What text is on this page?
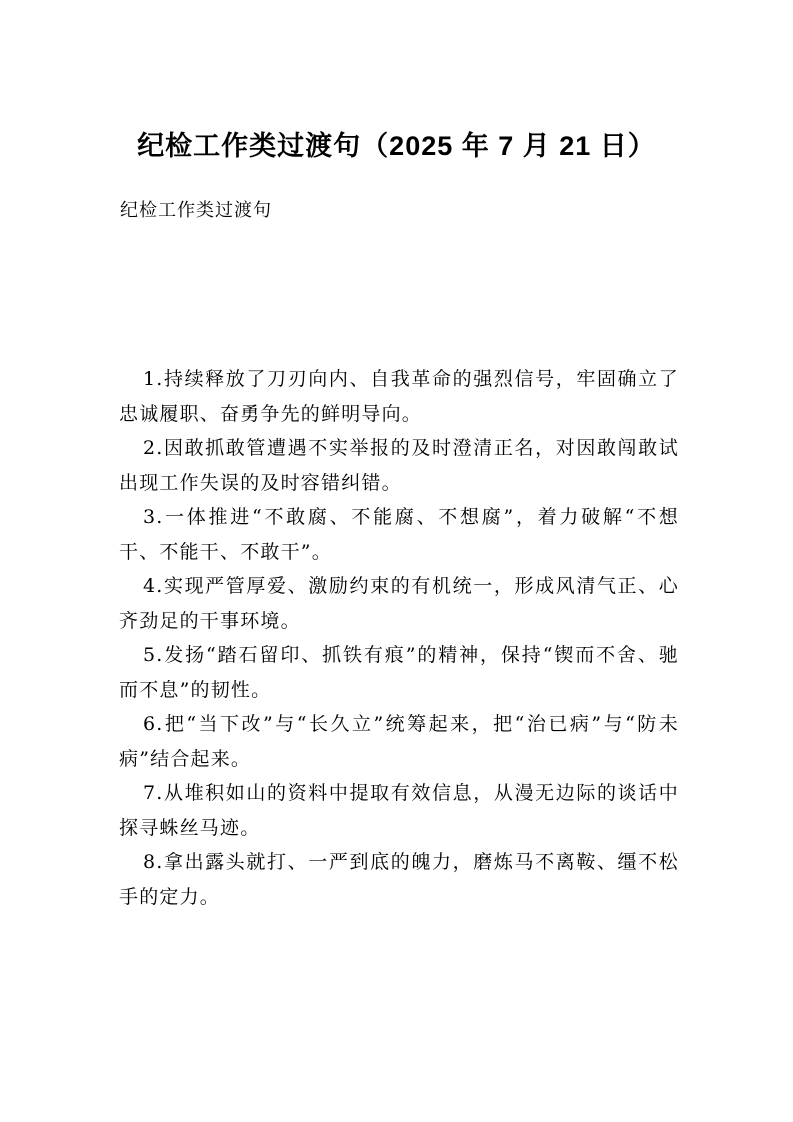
纪检工作类过渡句（2025 年 7 月 21 日）

纪检工作类过渡句

1.持续释放了刀刃向内、自我革命的强烈信号，牢固确立了忠诚履职、奋勇争先的鲜明导向。
2.因敢抓敢管遭遇不实举报的及时澄清正名，对因敢闯敢试出现工作失误的及时容错纠错。
3.一体推进“不敢腐、不能腐、不想腐”，着力破解“不想干、不能干、不敢干”。
4.实现严管厚爱、激励约束的有机统一，形成风清气正、心齐劲足的干事环境。
5.发扬“踏石留印、抓铁有痕”的精神，保持“锲而不舍、驰而不息”的韧性。
6.把“当下改”与“长久立”统筹起来，把“治已病”与“防未病”结合起来。
7.从堆积如山的资料中提取有效信息，从漫无边际的谈话中探寻蛛丝马迹。
8.拿出露头就打、一严到底的魄力，磨炼马不离鞍、缰不松手的定力。
